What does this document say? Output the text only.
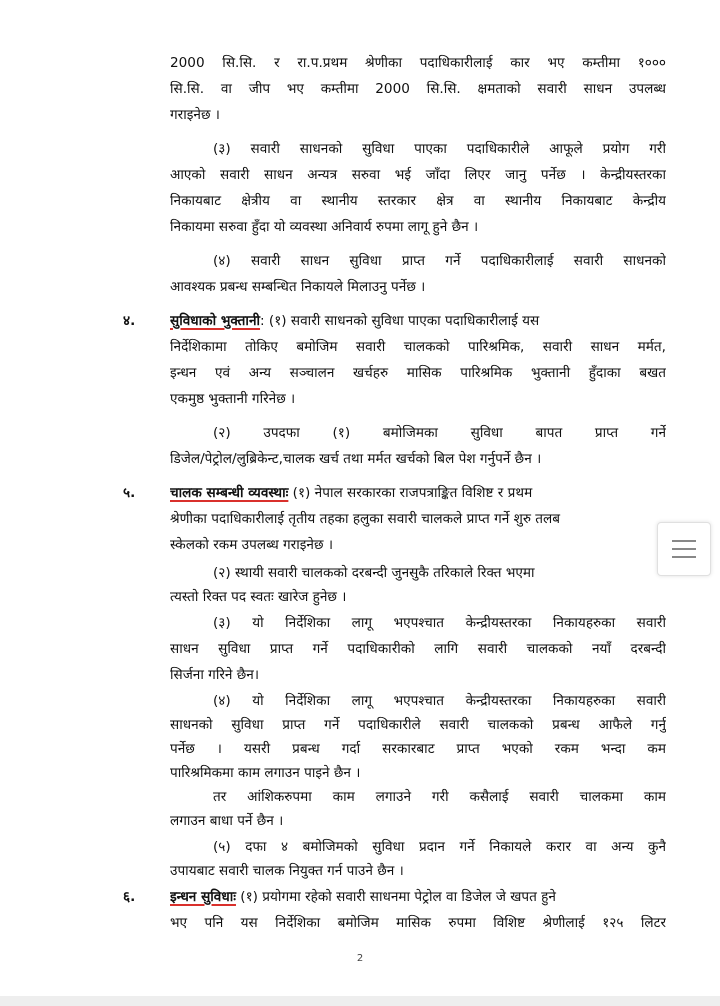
2000 सि.सि. र रा.प.प्रथम श्रेणीका पदाधिकारीलाई कार भए कम्तीमा १०००
सि.सि. वा जीप भए कम्तीमा 2000 सि.सि. क्षमताको सवारी साधन उपलब्ध
गराइनेछ ।
(३) सवारी साधनको सुविधा पाएका पदाधिकारीले आफूले प्रयोग गरी
आएको सवारी साधन अन्यत्र सरुवा भई जाँदा लिएर जानु पर्नेछ । केन्द्रीयस्तरका
निकायबाट क्षेत्रीय वा स्थानीय स्तरकार क्षेत्र वा स्थानीय निकायबाट केन्द्रीय
निकायमा सरुवा हुँदा यो व्यवस्था अनिवार्य रुपमा लागू हुने छैन ।
(४) सवारी साधन सुविधा प्राप्त गर्ने पदाधिकारीलाई सवारी साधनको
आवश्यक प्रबन्ध सम्बन्धित निकायले मिलाउनु पर्नेछ ।
४.	सुविधाको भुक्तानी: (१) सवारी साधनको सुविधा पाएका पदाधिकारीलाई यस
निर्देशिकामा तोकिए बमोजिम सवारी चालकको पारिश्रमिक, सवारी साधन मर्मत,
इन्धन एवं अन्य सञ्चालन खर्चहरु मासिक पारिश्रमिक भुक्तानी हुँदाका बखत
एकमुष्ठ भुक्तानी गरिनेछ ।
(२) उपदफा (१) बमोजिमका सुविधा बापत प्राप्त गर्ने
डिजेल/पेट्रोल/लुब्रिकेन्ट,चालक खर्च तथा मर्मत खर्चको बिल पेश गर्नुपर्ने छैन ।
५.	चालक सम्बन्धी व्यवस्थाः (१) नेपाल सरकारका राजपत्राङ्कित विशिष्ट र प्रथम
श्रेणीका पदाधिकारीलाई तृतीय तहका हलुका सवारी चालकले प्राप्त गर्ने शुरु तलब
स्केलको रकम उपलब्ध गराइनेछ ।
(२) स्थायी सवारी चालकको दरबन्दी जुनसुकै तरिकाले रिक्त भएमा
त्यस्तो रिक्त पद स्वतः खारेज हुनेछ ।
(३) यो निर्देशिका लागू भएपश्चात केन्द्रीयस्तरका निकायहरुका सवारी
साधन सुविधा प्राप्त गर्ने पदाधिकारीको लागि सवारी चालकको नयाँ दरबन्दी
सिर्जना गरिने छैन।
(४) यो निर्देशिका लागू भएपश्चात केन्द्रीयस्तरका निकायहरुका सवारी
साधनको सुविधा प्राप्त गर्ने पदाधिकारीले सवारी चालकको प्रबन्ध आफैले गर्नु
पर्नेछ । यसरी प्रबन्ध गर्दा सरकारबाट प्राप्त भएको रकम भन्दा कम
पारिश्रमिकमा काम लगाउन पाइने छैन ।
तर आंशिकरुपमा काम लगाउने गरी कसैलाई सवारी चालकमा काम
लगाउन बाधा पर्ने छैन ।
(५) दफा ४ बमोजिमको सुविधा प्रदान गर्ने निकायले करार वा अन्य कुनै
उपायबाट सवारी चालक नियुक्त गर्न पाउने छैन ।
६.	इन्धन सुविधाः (१) प्रयोगमा रहेको सवारी साधनमा पेट्रोल वा डिजेल जे खपत हुने
भए पनि यस निर्देशिका बमोजिम मासिक रुपमा विशिष्ट श्रेणीलाई १२५ लिटर
2
